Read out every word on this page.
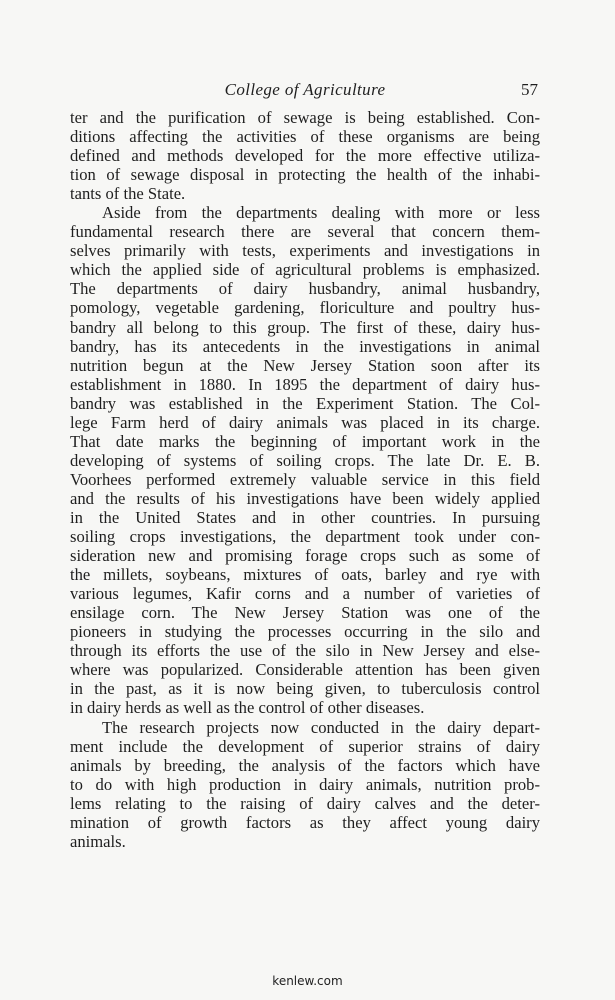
College of Agriculture	57
ter and the purification of sewage is being established. Con-
ditions affecting the activities of these organisms are being
defined and methods developed for the more effective utiliza-
tion of sewage disposal in protecting the health of the inhabi-
tants of the State.
Aside from the departments dealing with more or less
fundamental research there are several that concern them-
selves primarily with tests, experiments and investigations in
which the applied side of agricultural problems is emphasized.
The departments of dairy husbandry, animal husbandry,
pomology, vegetable gardening, floriculture and poultry hus-
bandry all belong to this group. The first of these, dairy hus-
bandry, has its antecedents in the investigations in animal
nutrition begun at the New Jersey Station soon after its
establishment in 1880. In 1895 the department of dairy hus-
bandry was established in the Experiment Station. The Col-
lege Farm herd of dairy animals was placed in its charge.
That date marks the beginning of important work in the
developing of systems of soiling crops. The late Dr. E. B.
Voorhees performed extremely valuable service in this field
and the results of his investigations have been widely applied
in the United States and in other countries. In pursuing
soiling crops investigations, the department took under con-
sideration new and promising forage crops such as some of
the millets, soybeans, mixtures of oats, barley and rye with
various legumes, Kafir corns and a number of varieties of
ensilage corn. The New Jersey Station was one of the
pioneers in studying the processes occurring in the silo and
through its efforts the use of the silo in New Jersey and else-
where was popularized. Considerable attention has been given
in the past, as it is now being given, to tuberculosis control
in dairy herds as well as the control of other diseases.
The research projects now conducted in the dairy depart-
ment include the development of superior strains of dairy
animals by breeding, the analysis of the factors which have
to do with high production in dairy animals, nutrition prob-
lems relating to the raising of dairy calves and the deter-
mination of growth factors as they affect young dairy
animals.
kenlew.com
